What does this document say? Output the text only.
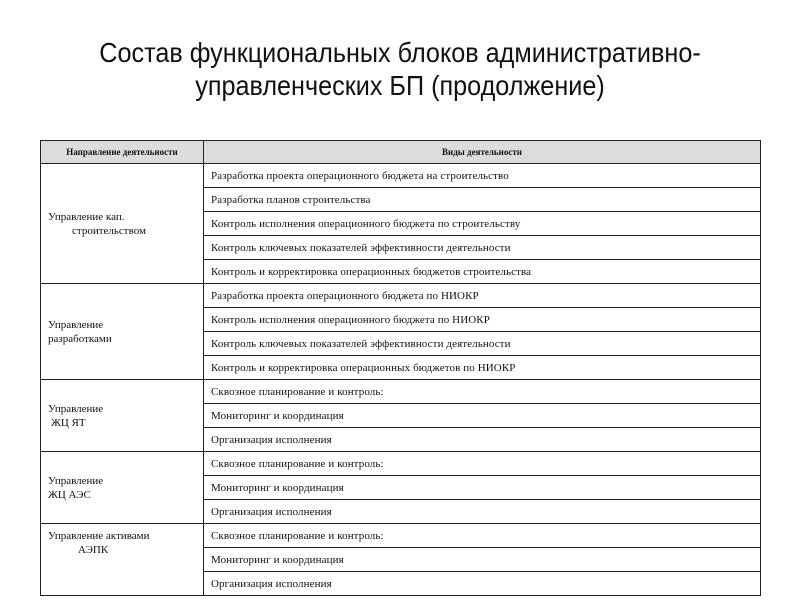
Состав функциональных блоков административно-
управленческих БП (продолжение)
Направление деятельности	Виды деятельности

Управление кап.
строительством	Разработка проекта операционного бюджета на строительство
	Разработка планов строительства
	Контроль исполнения операционного бюджета по строительству
	Контроль ключевых показателей эффективности деятельности
	Контроль и корректировка операционных бюджетов строительства

Управление
разработками	Разработка проекта операционного бюджета по НИОКР
	Контроль исполнения операционного бюджета по НИОКР
	Контроль ключевых показателей эффективности деятельности
	Контроль и корректировка операционных бюджетов по НИОКР

Управление
ЖЦ ЯТ	Сквозное планирование и контроль:
	Мониторинг и координация
	Организация исполнения

Управление
ЖЦ АЭС	Сквозное планирование и контроль:
	Мониторинг и координация
	Организация исполнения

Управление активами
АЭПК	Сквозное планирование и контроль:
	Мониторинг и координация
	Организация исполнения
